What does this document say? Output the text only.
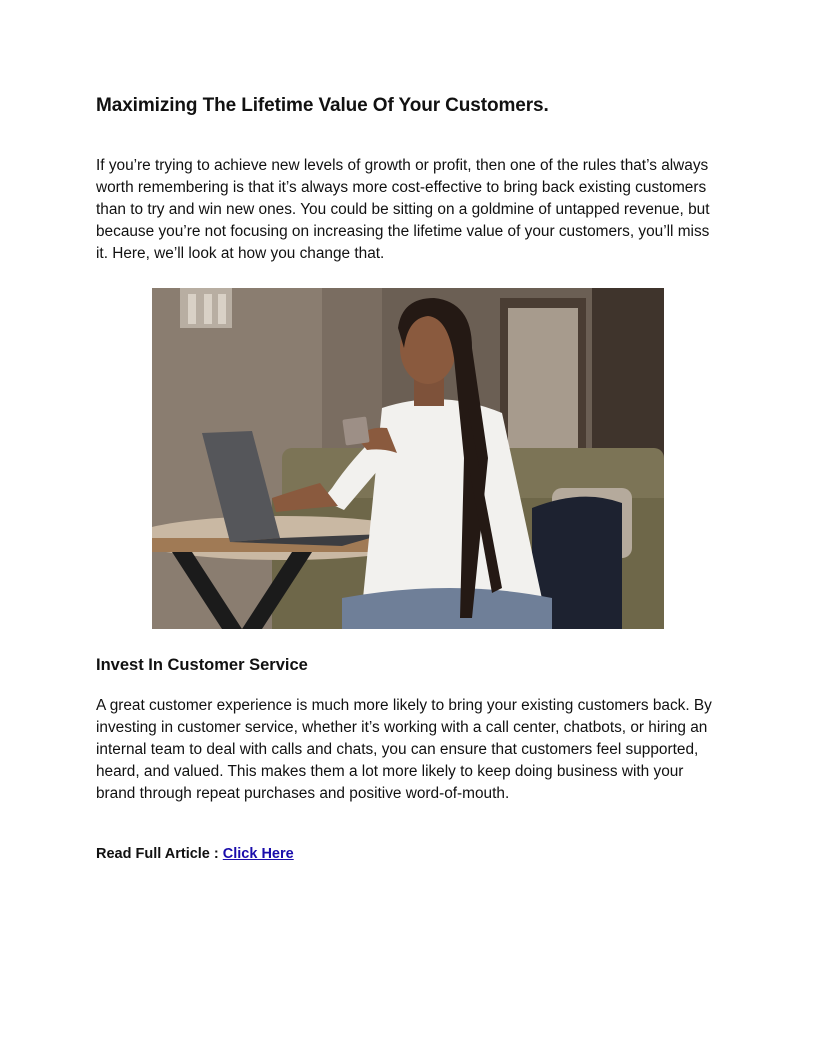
Maximizing The Lifetime Value Of Your Customers.

If you’re trying to achieve new levels of growth or profit, then one of the rules that’s always worth remembering is that it’s always more cost-effective to bring back existing customers than to try and win new ones. You could be sitting on a goldmine of untapped revenue, but because you’re not focusing on increasing the lifetime value of your customers, you’ll miss it. Here, we’ll look at how you change that.

Invest In Customer Service

A great customer experience is much more likely to bring your existing customers back. By investing in customer service, whether it’s working with a call center, chatbots, or hiring an internal team to deal with calls and chats, you can ensure that customers feel supported, heard, and valued. This makes them a lot more likely to keep doing business with your brand through repeat purchases and positive word-of-mouth.

Read Full Article : Click Here
